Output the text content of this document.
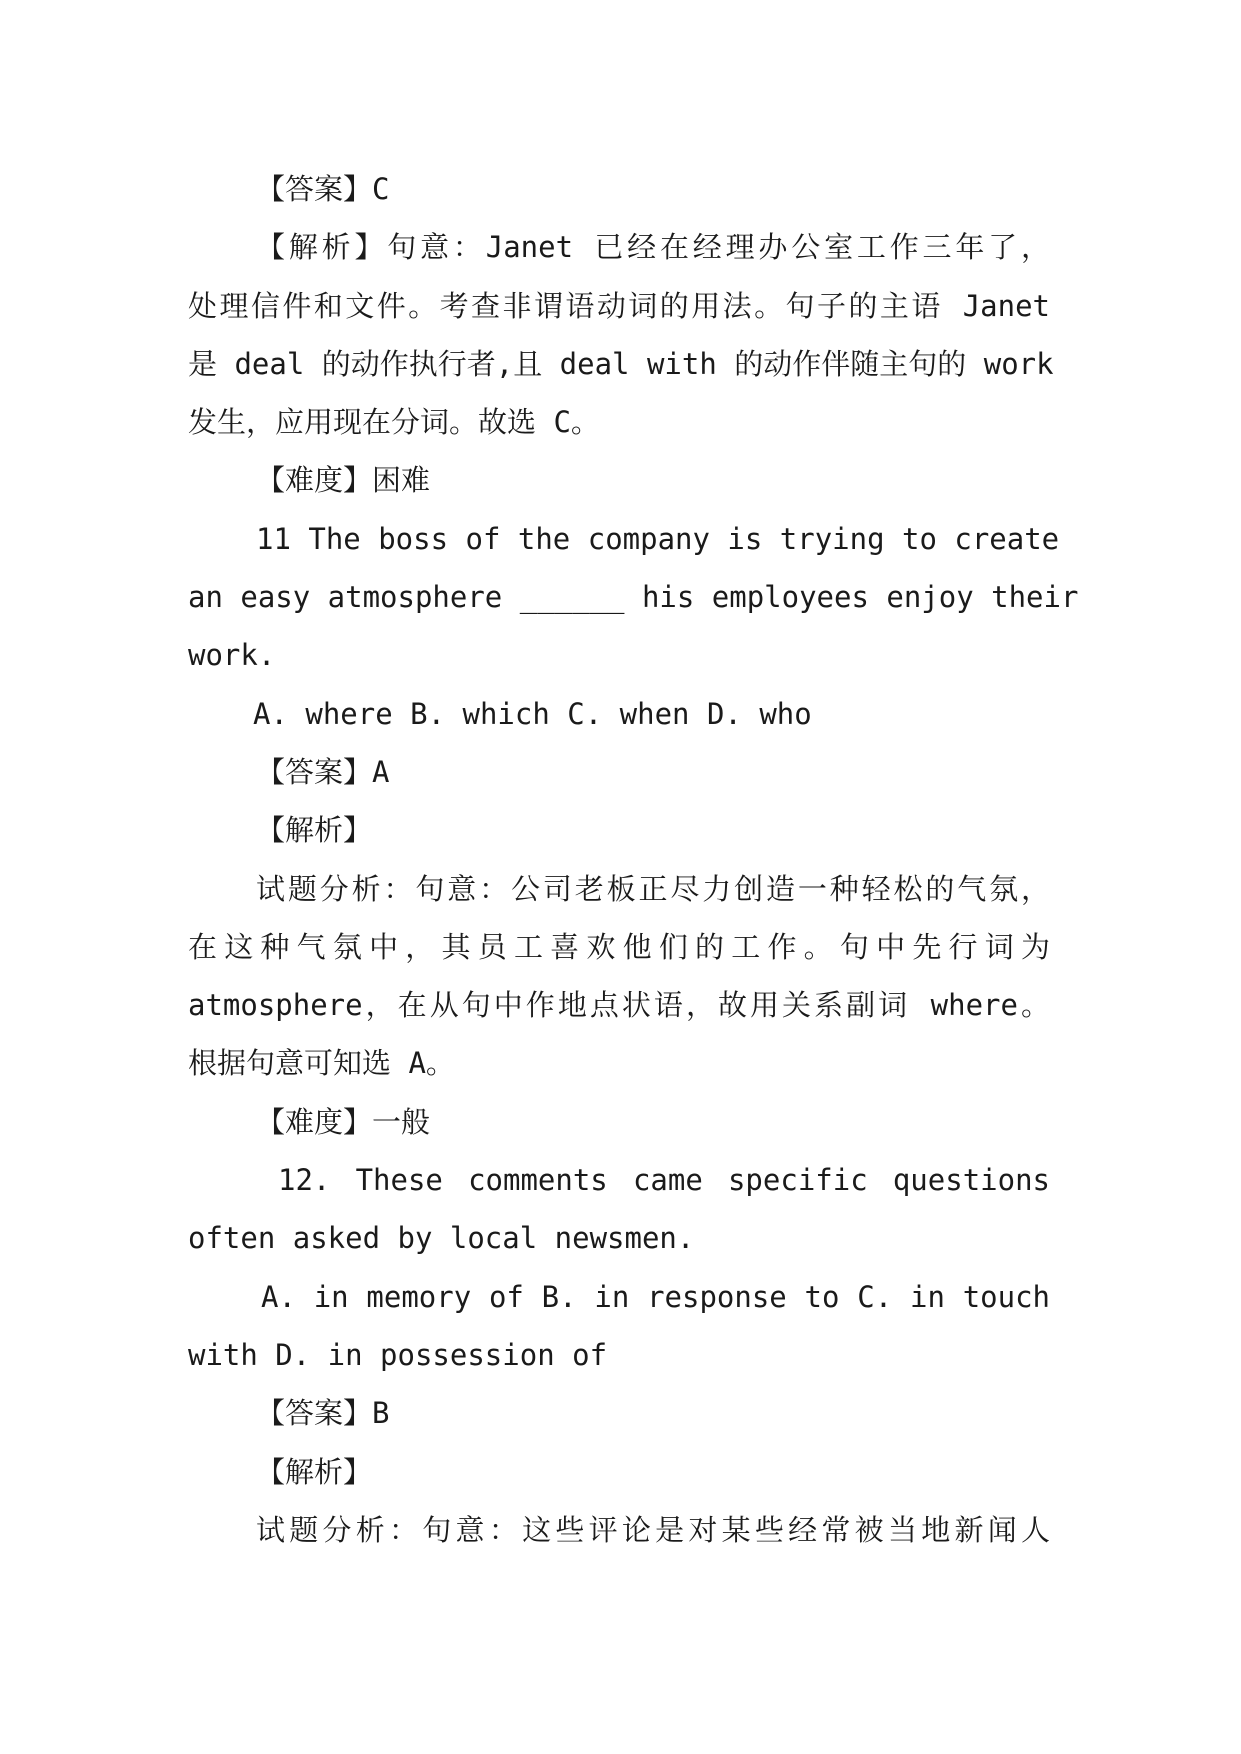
【答案】C
【解析】句意：Janet 已经在经理办公室工作三年了，
处理信件和文件。考查非谓语动词的用法。句子的主语 Janet
是 deal 的动作执行者,且 deal with 的动作伴随主句的 work
发生，应用现在分词。故选 C。
【难度】困难
11 The boss of the company is trying to create
an easy atmosphere ______ his employees enjoy their
work.
A. where B. which C. when D. who
【答案】A
【解析】
试题分析：句意：公司老板正尽力创造一种轻松的气氛，
在这种气氛中，其员工喜欢他们的工作。句中先行词为
atmosphere，在从句中作地点状语，故用关系副词 where。
根据句意可知选 A。
【难度】一般
12. These comments came specific questions
often asked by local newsmen.
A. in memory of B. in response to C. in touch
with D. in possession of
【答案】B
【解析】
试题分析：句意：这些评论是对某些经常被当地新闻人
